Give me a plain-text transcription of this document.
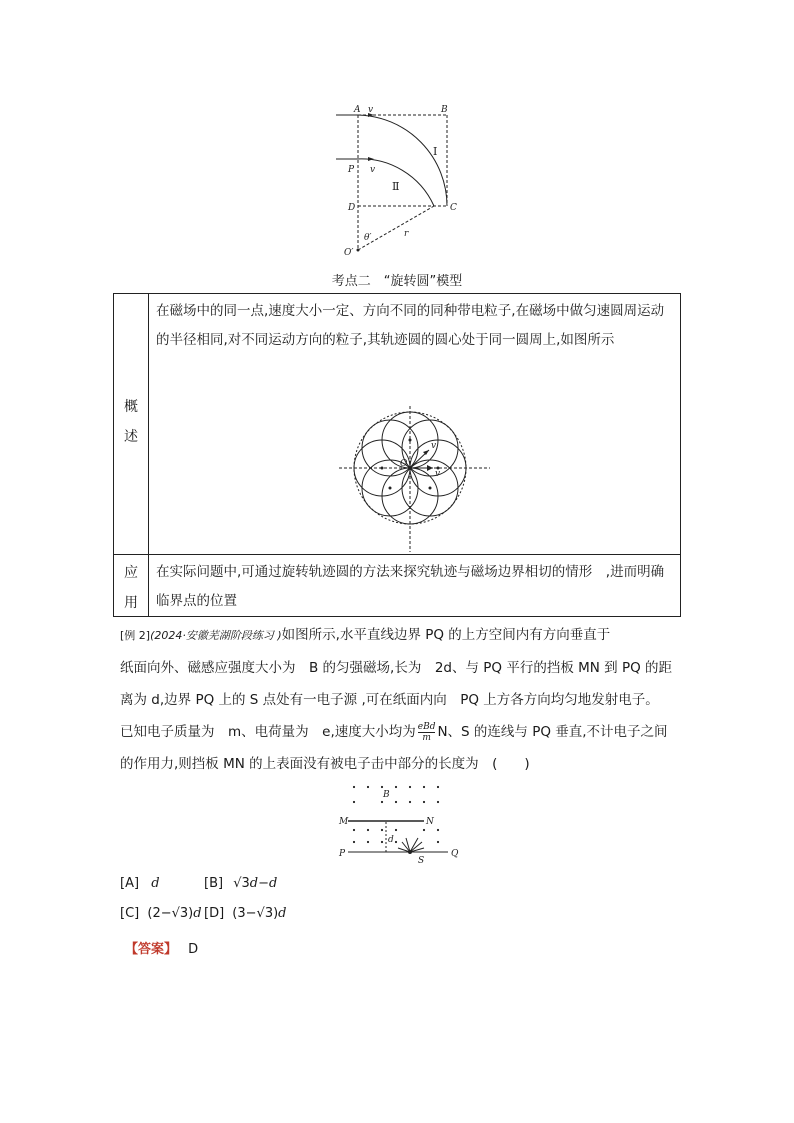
A v	B
P v
D	C
O′
θ′	r
Ⅰ
Ⅱ
考点二　“旋转圆”模型
概
述
在磁场中的同一点,速度大小一定、方向不同的同种带电粒子,在磁场中做匀速圆周运动的半径相同,对不同运动方向的粒子,其轨迹圆的圆心处于同一圆周上,如图所示
O
v
v
应
用
在实际问题中,可通过旋转轨迹圆的方法来探究轨迹与磁场边界相切的情形　,进而明确临界点的位置
[例 2](2024·安徽芜湖阶段练习 )如图所示,水平直线边界 PQ 的上方空间内有方向垂直于
纸面向外、磁感应强度大小为　B 的匀强磁场,长为　2d、与 PQ 平行的挡板 MN 到 PQ 的距
离为 d,边界 PQ 上的 S 点处有一电子源 ,可在纸面内向　PQ 上方各方向均匀地发射电子。
已知电子质量为　m、电荷量为　e,速度大小均为 eBd
m N、S 的连线与 PQ 垂直,不计电子之间
的作用力,则挡板 MN 的上表面没有被电子击中部分的长度为　(　　)
B
M	N
d
P
S
Q
[A] d	[B] √3d−d
[C] (2−√3)d [D] (3−√3)d
【答案】 D
